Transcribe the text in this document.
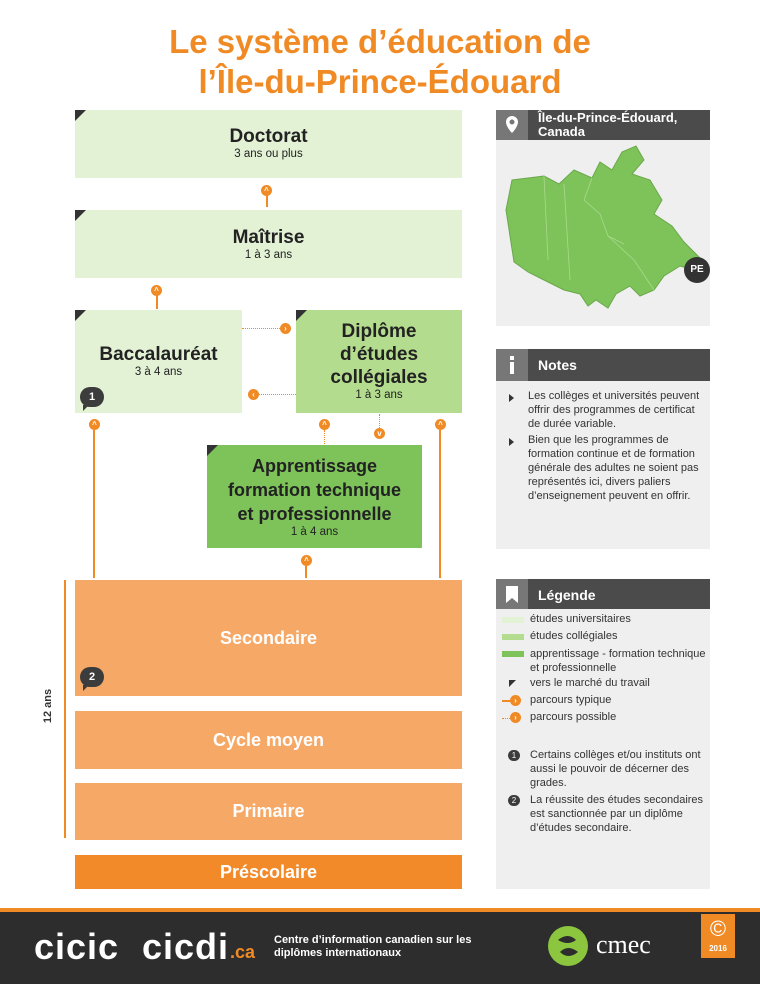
Le système d’éducation de
l’Île-du-Prince-Édouard
Doctorat
3 ans ou plus
^
Maîtrise
1 à 3 ans
^
Baccalauréat
3 à 4 ans
1
›
‹
Diplôme
d’études
collégiales
1 à 3 ans
^	^
v
^
Apprentissage
formation technique
et professionnelle
1 à 4 ans
^
12 ans
Secondaire
2
Cycle moyen
Primaire
Préscolaire
Île-du-Prince-Édouard,
Canada
PE
Notes
Les collèges et universités peuvent offrir des programmes de certificat de durée variable.
Bien que les programmes de formation continue et de formation générale des adultes ne soient pas représentés ici, divers paliers d’enseignement peuvent en offrir.
Légende
études universitaires
études collégiales
apprentissage - formation technique et professionnelle
vers le marché du travail
›	parcours typique
›	parcours possible
1	Certains collèges et/ou instituts ont aussi le pouvoir de décerner des grades.
2	La réussite des études secondaires est sanctionnée par un diplôme d’études secondaire.
cicic cicdi .ca
Centre d’information canadien sur les
diplômes internationaux	cmec
©
2016
